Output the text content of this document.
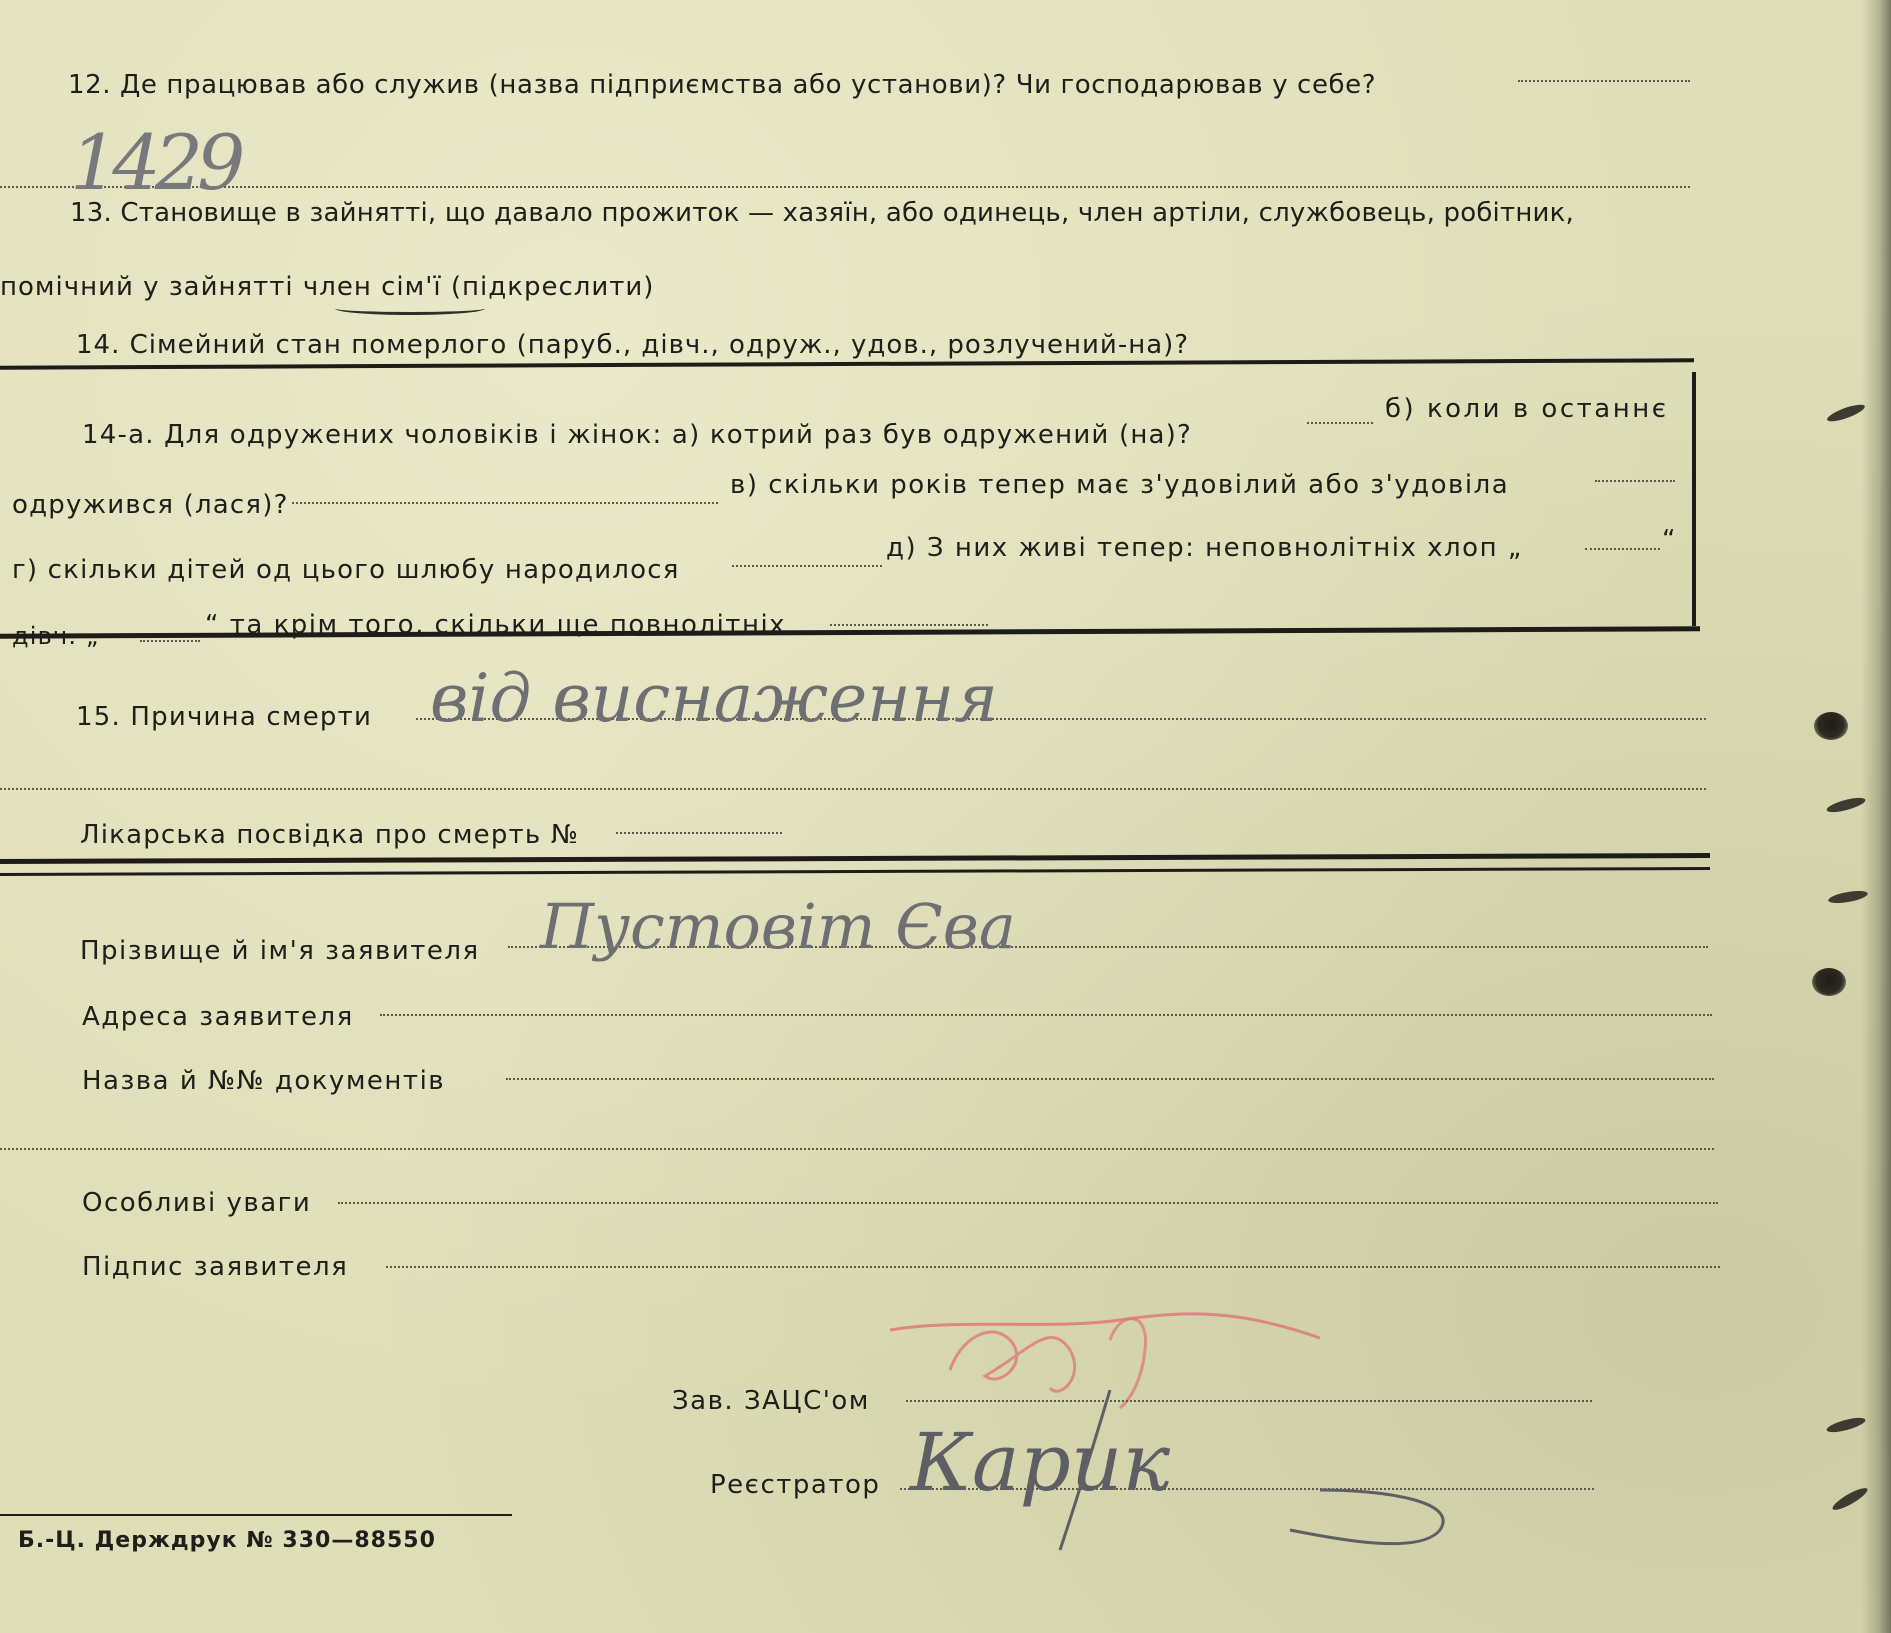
12. Де працював або служив (назва підприємства або установи)? Чи господарював у себе?
1429
13. Становище в зайнятті, що давало прожиток — хазяїн, або одинець, член артіли, службовець, робітник,
помічний у зайнятті член сім'ї (підкреслити)
14. Сімейний стан померлого (паруб., дівч., одруж., удов., розлучений-на)?
14-а. Для одружених чоловіків і жінок: а) котрий раз був одружений (на)?
б) коли в останнє
одружився (лася)?
в) скільки років тепер має з'удовілий або з'удовіла
г) скільки дітей од цього шлюбу народилося
д) З них живі тепер: неповнолітніх хлоп „	“
дівч. „	“ та крім того, скільки ще повнолітніх
15. Причина смерти від виснаження
Лікарська посвідка про смерть №
Прізвище й ім'я заявителя Пустовіт Єва
Адреса заявителя
Назва й №№ документів
Особливі уваги
Підпис заявителя
Зав. ЗАЦС'ом
Реєстратор Карик
Б.-Ц. Держдрук № 330—88550
